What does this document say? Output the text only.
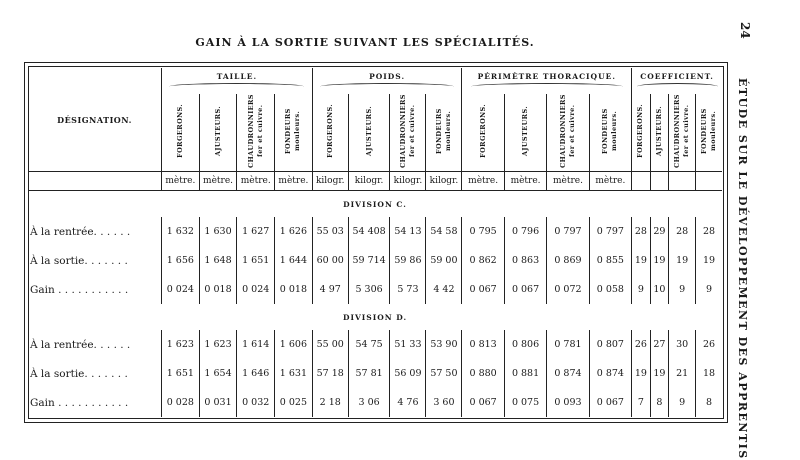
GAIN À LA SORTIE SUIVANT LES SPÉCIALITÉS.
24
ÉTUDE SUR LE DÉVELOPPEMENT DES APPRENTIS
DÉSIGNATION.	TAILLE.				POIDS.				PÉRIMÈTRE THORACIQUE.				COEFFICIENT.			

	FORGERONS.	AJUSTEURS.	CHAUDRONNIERS fer et cuivre.	FONDEURS mouleurs.	FORGERONS.	AJUSTEURS.	CHAUDRONNIERS fer et cuivre.	FONDEURS mouleurs.	FORGERONS.	AJUSTEURS.	CHAUDRONNIERS fer et cuivre.	FONDEURS mouleurs.	FORGERONS.	AJUSTEURS.	CHAUDRONNIERS fer et cuivre.	FONDEURS mouleurs.
	mètre.	mètre.	mètre.	mètre.	kilogr.	kilogr.	kilogr.	kilogr.	mètre.	mètre.	mètre.	mètre.				
DIVISION C.																
À la rentrée. . . . . .	1 632	1 630	1 627	1 626	55 03	54 408	54 13	54 58	0 795	0 796	0 797	0 797	28	29	28	28
À la sortie. . . . . . .	1 656	1 648	1 651	1 644	60 00	59 714	59 86	59 00	0 862	0 863	0 869	0 855	19	19	19	19
Gain . . . . . . . . . . .	0 024	0 018	0 024	0 018	4 97	5 306	5 73	4 42	0 067	0 067	0 072	0 058	9	10	9	9
DIVISION D.																
À la rentrée. . . . . .	1 623	1 623	1 614	1 606	55 00	54 75	51 33	53 90	0 813	0 806	0 781	0 807	26	27	30	26
À la sortie. . . . . . .	1 651	1 654	1 646	1 631	57 18	57 81	56 09	57 50	0 880	0 881	0 874	0 874	19	19	21	18
Gain . . . . . . . . . . .	0 028	0 031	0 032	0 025	2 18	3 06	4 76	3 60	0 067	0 075	0 093	0 067	7	8	9	8
